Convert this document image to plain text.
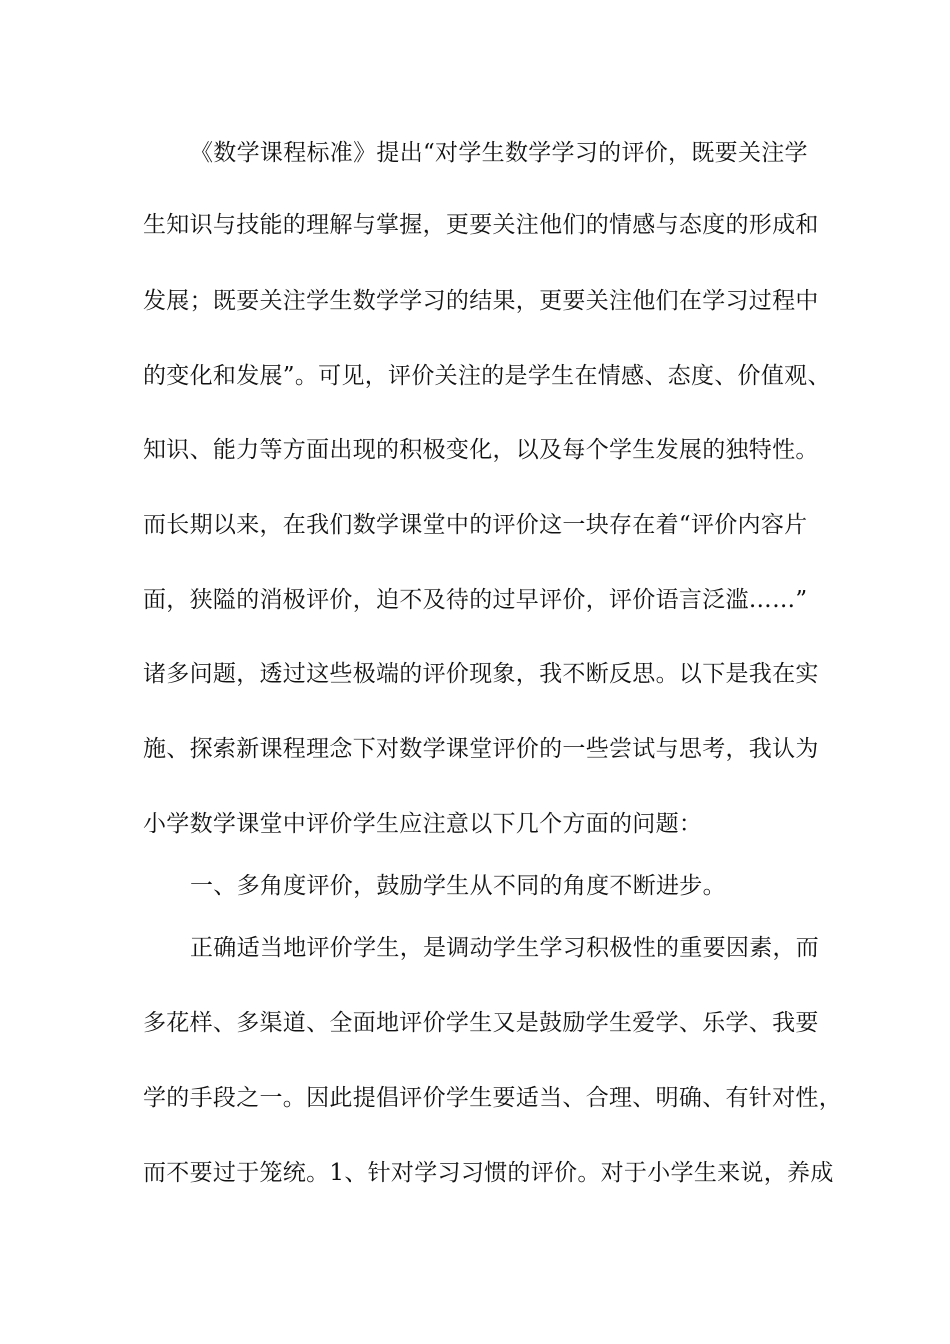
《数学课程标准》提出“对学生数学学习的评价，既要关注学
生知识与技能的理解与掌握，更要关注他们的情感与态度的形成和
发展；既要关注学生数学学习的结果，更要关注他们在学习过程中
的变化和发展”。可见，评价关注的是学生在情感、态度、价值观、
知识、能力等方面出现的积极变化，以及每个学生发展的独特性。
而长期以来，在我们数学课堂中的评价这一块存在着“评价内容片
面，狭隘的消极评价，迫不及待的过早评价，评价语言泛滥……”
诸多问题，透过这些极端的评价现象，我不断反思。以下是我在实
施、探索新课程理念下对数学课堂评价的一些尝试与思考，我认为
小学数学课堂中评价学生应注意以下几个方面的问题：
一、多角度评价，鼓励学生从不同的角度不断进步。
正确适当地评价学生，是调动学生学习积极性的重要因素，而
多花样、多渠道、全面地评价学生又是鼓励学生爱学、乐学、我要
学的手段之一。因此提倡评价学生要适当、合理、明确、有针对性，
而不要过于笼统。1、针对学习习惯的评价。对于小学生来说，养成
